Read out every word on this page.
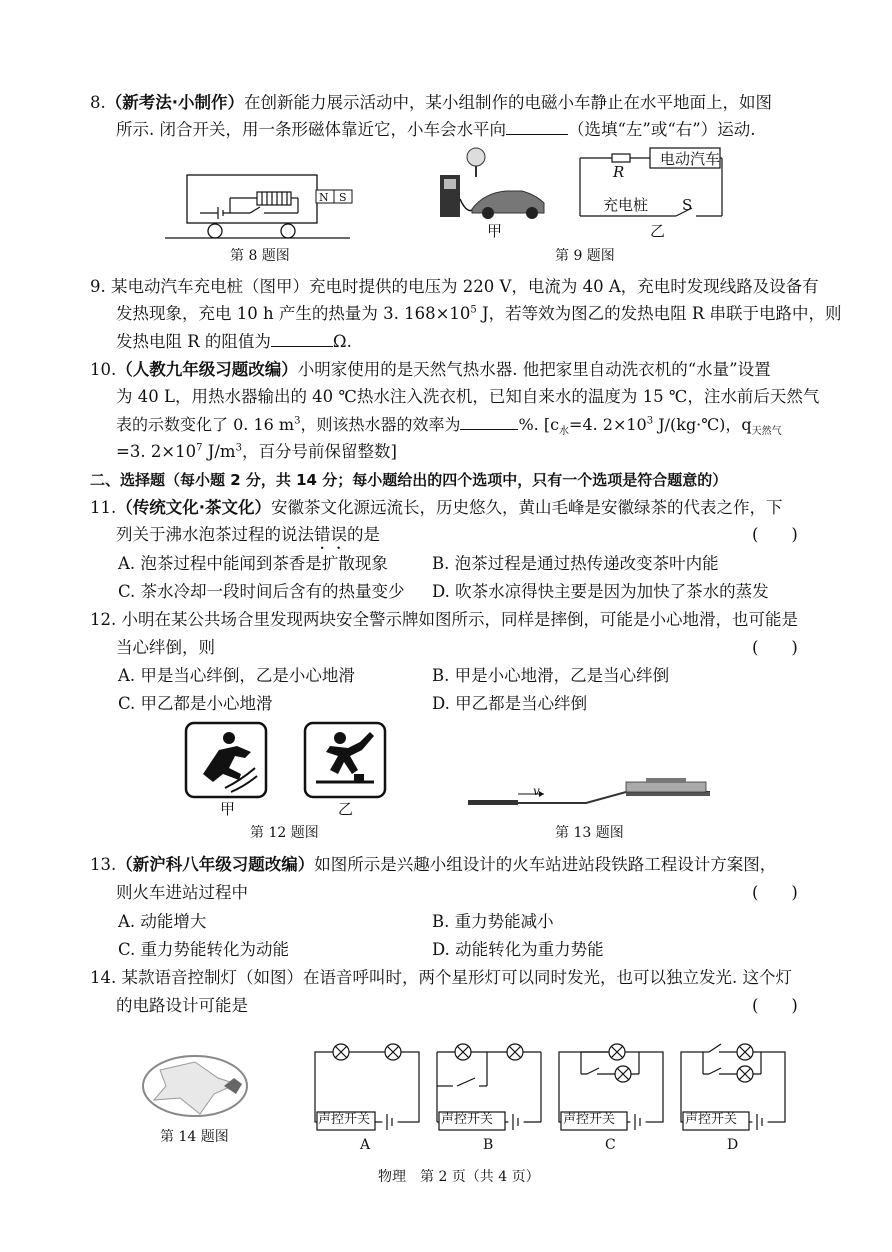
8.（新考法·小制作）在创新能力展示活动中，某小组制作的电磁小车静止在水平地面上，如图
所示. 闭合开关，用一条形磁体靠近它，小车会水平向	（选填“左”或“右”）运动.
N S
第 8 题图
甲
电动汽车
R
充电桩 S
乙
第 9 题图
9. 某电动汽车充电桩（图甲）充电时提供的电压为 220 V，电流为 40 A，充电时发现线路及设备有
发热现象，充电 10 h 产生的热量为 3. $168\times 10^5$ J，若等效为图乙的发热电阻 R 串联于电路中，则
发热电阻 R 的阻值为	Ω.
10.（人教九年级习题改编）小明家使用的是天然气热水器. 他把家里自动洗衣机的“水量”设置
为 40 L，用热水器输出的 40 ℃热水注入洗衣机，已知自来水的温度为 15 ℃，注水前后天然气
表的示数变化了 0. 16 $m^3$，则该热水器的效率为	%. [$c_水=4$. $2\times 10^3$ J/(kg·℃)，$q_{天然气}$
=3. $2\times 10^7$ $J/m^3$，百分号前保留整数]
二、选择题（每小题 2 分，共 14 分；每小题给出的四个选项中，只有一个选项是符合题意的）
11.（传统文化·茶文化）安徽茶文化源远流长，历史悠久，黄山毛峰是安徽绿茶的代表之作，下
列关于沸水泡茶过程的说法错误的是	(　　)
A. 泡茶过程中能闻到茶香是扩散现象	B. 泡茶过程是通过热传递改变茶叶内能
C. 茶水冷却一段时间后含有的热量变少 D. 吹茶水凉得快主要是因为加快了茶水的蒸发
12. 小明在某公共场合里发现两块安全警示牌如图所示，同样是摔倒，可能是小心地滑，也可能是
当心绊倒，则	(　　)
A. 甲是当心绊倒，乙是小心地滑	B. 甲是小心地滑，乙是当心绊倒
C. 甲乙都是小心地滑	D. 甲乙都是当心绊倒
甲	乙
第 12 题图
v
第 13 题图
13.（新沪科八年级习题改编）如图所示是兴趣小组设计的火车站进站段铁路工程设计方案图，
则火车进站过程中	(　　)
A. 动能增大	B. 重力势能减小
C. 重力势能转化为动能	D. 动能转化为重力势能
14. 某款语音控制灯（如图）在语音呼叫时，两个星形灯可以同时发光，也可以独立发光. 这个灯
的电路设计可能是	(　　)
第 14 题图
声控开关
A
声控开关
B
声控开关
C
声控开关
D
物理　第 2 页（共 4 页）
